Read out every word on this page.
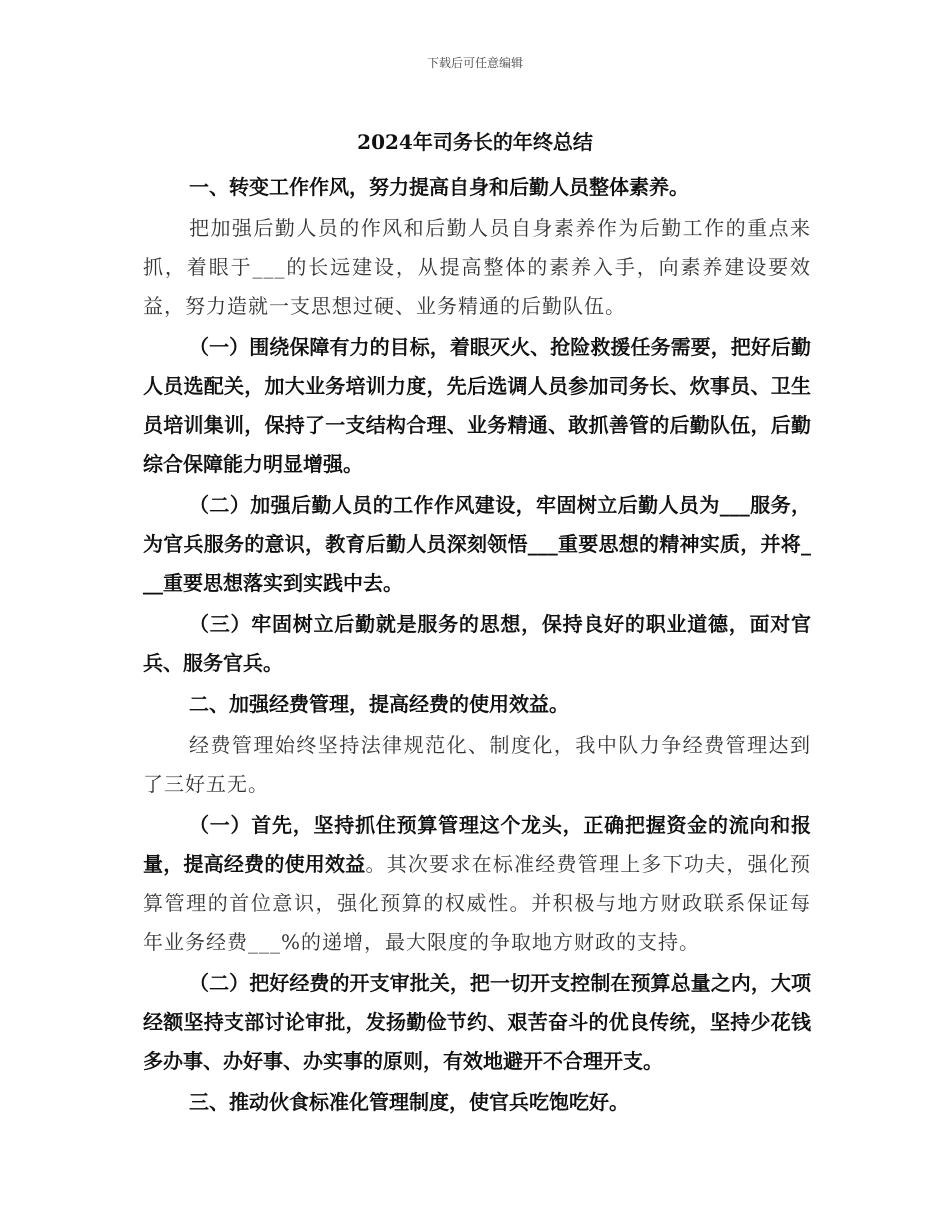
下载后可任意编辑
2024年司务长的年终总结

一、转变工作作风，努力提高自身和后勤人员整体素养。

把加强后勤人员的作风和后勤人员自身素养作为后勤工作的重点来抓，着眼于___的长远建设，从提高整体的素养入手，向素养建设要效益，努力造就一支思想过硬、业务精通的后勤队伍。

（一）围绕保障有力的目标，着眼灭火、抢险救援任务需要，把好后勤人员选配关，加大业务培训力度，先后选调人员参加司务长、炊事员、卫生员培训集训，保持了一支结构合理、业务精通、敢抓善管的后勤队伍，后勤综合保障能力明显增强。

（二）加强后勤人员的工作作风建设，牢固树立后勤人员为___服务，为官兵服务的意识，教育后勤人员深刻领悟___重要思想的精神实质，并将___重要思想落实到实践中去。

（三）牢固树立后勤就是服务的思想，保持良好的职业道德，面对官兵、服务官兵。

二、加强经费管理，提高经费的使用效益。

经费管理始终坚持法律规范化、制度化，我中队力争经费管理达到了三好五无。

（一）首先，坚持抓住预算管理这个龙头，正确把握资金的流向和报量，提高经费的使用效益。其次要求在标准经费管理上多下功夫，强化预算管理的首位意识，强化预算的权威性。并积极与地方财政联系保证每年业务经费___%的递增，最大限度的争取地方财政的支持。

（二）把好经费的开支审批关，把一切开支控制在预算总量之内，大项经额坚持支部讨论审批，发扬勤俭节约、艰苦奋斗的优良传统，坚持少花钱多办事、办好事、办实事的原则，有效地避开不合理开支。

三、推动伙食标准化管理制度，使官兵吃饱吃好。
